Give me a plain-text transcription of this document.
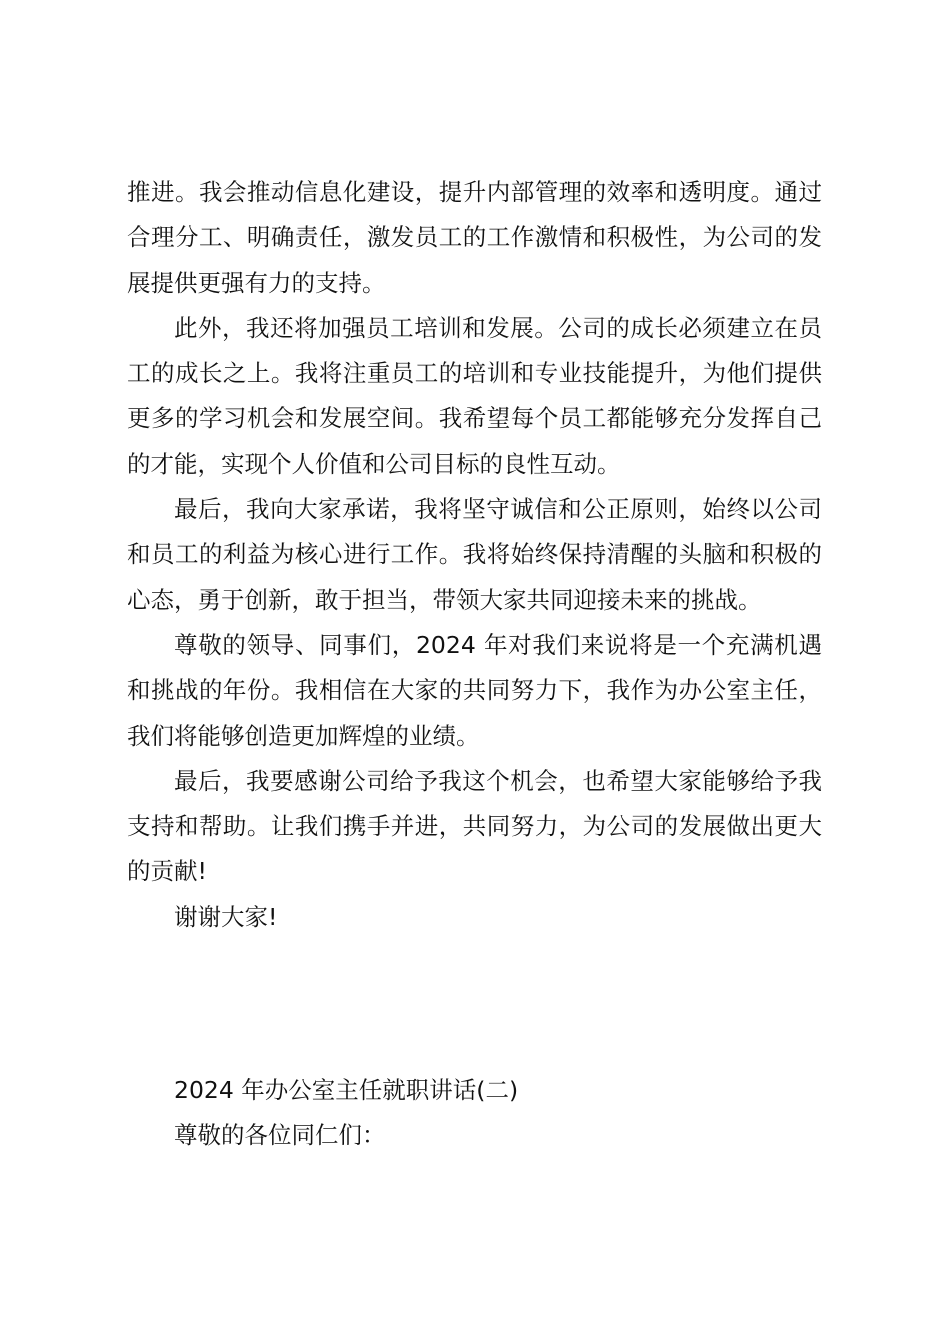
推进。我会推动信息化建设，提升内部管理的效率和透明度。通过合理分工、明确责任，激发员工的工作激情和积极性，为公司的发展提供更强有力的支持。

此外，我还将加强员工培训和发展。公司的成长必须建立在员工的成长之上。我将注重员工的培训和专业技能提升，为他们提供更多的学习机会和发展空间。我希望每个员工都能够充分发挥自己的才能，实现个人价值和公司目标的良性互动。

最后，我向大家承诺，我将坚守诚信和公正原则，始终以公司和员工的利益为核心进行工作。我将始终保持清醒的头脑和积极的心态，勇于创新，敢于担当，带领大家共同迎接未来的挑战。

尊敬的领导、同事们，2024 年对我们来说将是一个充满机遇和挑战的年份。我相信在大家的共同努力下，我作为办公室主任，我们将能够创造更加辉煌的业绩。

最后，我要感谢公司给予我这个机会，也希望大家能够给予我支持和帮助。让我们携手并进，共同努力，为公司的发展做出更大的贡献!

谢谢大家!

2024 年办公室主任就职讲话(二)

尊敬的各位同仁们：
